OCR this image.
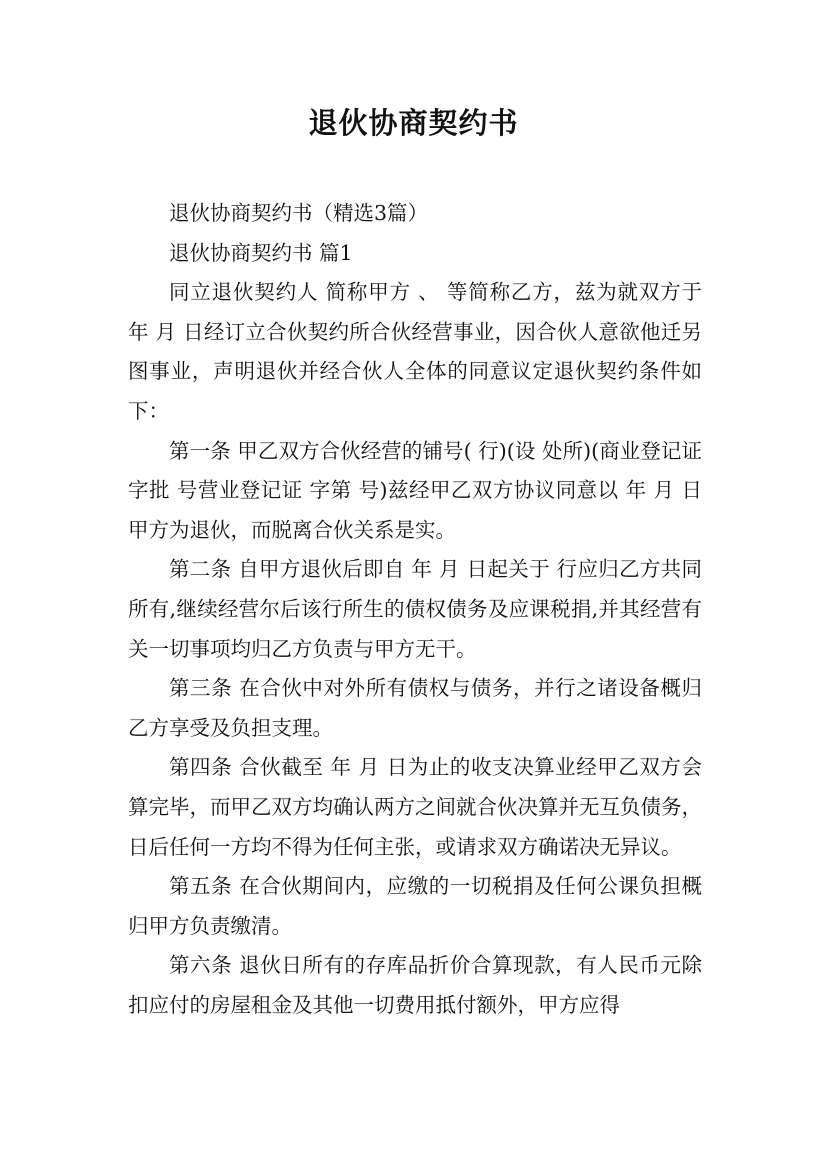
退伙协商契约书

退伙协商契约书（精选3篇）

退伙协商契约书 篇1

同立退伙契约人 简称甲方 、 等简称乙方，兹为就双方于 年 月 日经订立合伙契约所合伙经营事业，因合伙人意欲他迁另图事业，声明退伙并经合伙人全体的同意议定退伙契约条件如下：

第一条 甲乙双方合伙经营的铺号( 行)(设 处所)(商业登记证 字批 号营业登记证 字第 号)兹经甲乙双方协议同意以 年 月 日甲方为退伙，而脱离合伙关系是实。

第二条 自甲方退伙后即自 年 月 日起关于 行应归乙方共同所有,继续经营尔后该行所生的债权债务及应课税捐,并其经营有关一切事项均归乙方负责与甲方无干。

第三条 在合伙中对外所有债权与债务，并行之诸设备概归乙方享受及负担支理。

第四条 合伙截至 年 月 日为止的收支决算业经甲乙双方会算完毕，而甲乙双方均确认两方之间就合伙决算并无互负债务，日后任何一方均不得为任何主张，或请求双方确诺决无异议。

第五条 在合伙期间内，应缴的一切税捐及任何公课负担概归甲方负责缴清。

第六条 退伙日所有的存库品折价合算现款，有人民币元除扣应付的房屋租金及其他一切费用抵付额外，甲方应得
